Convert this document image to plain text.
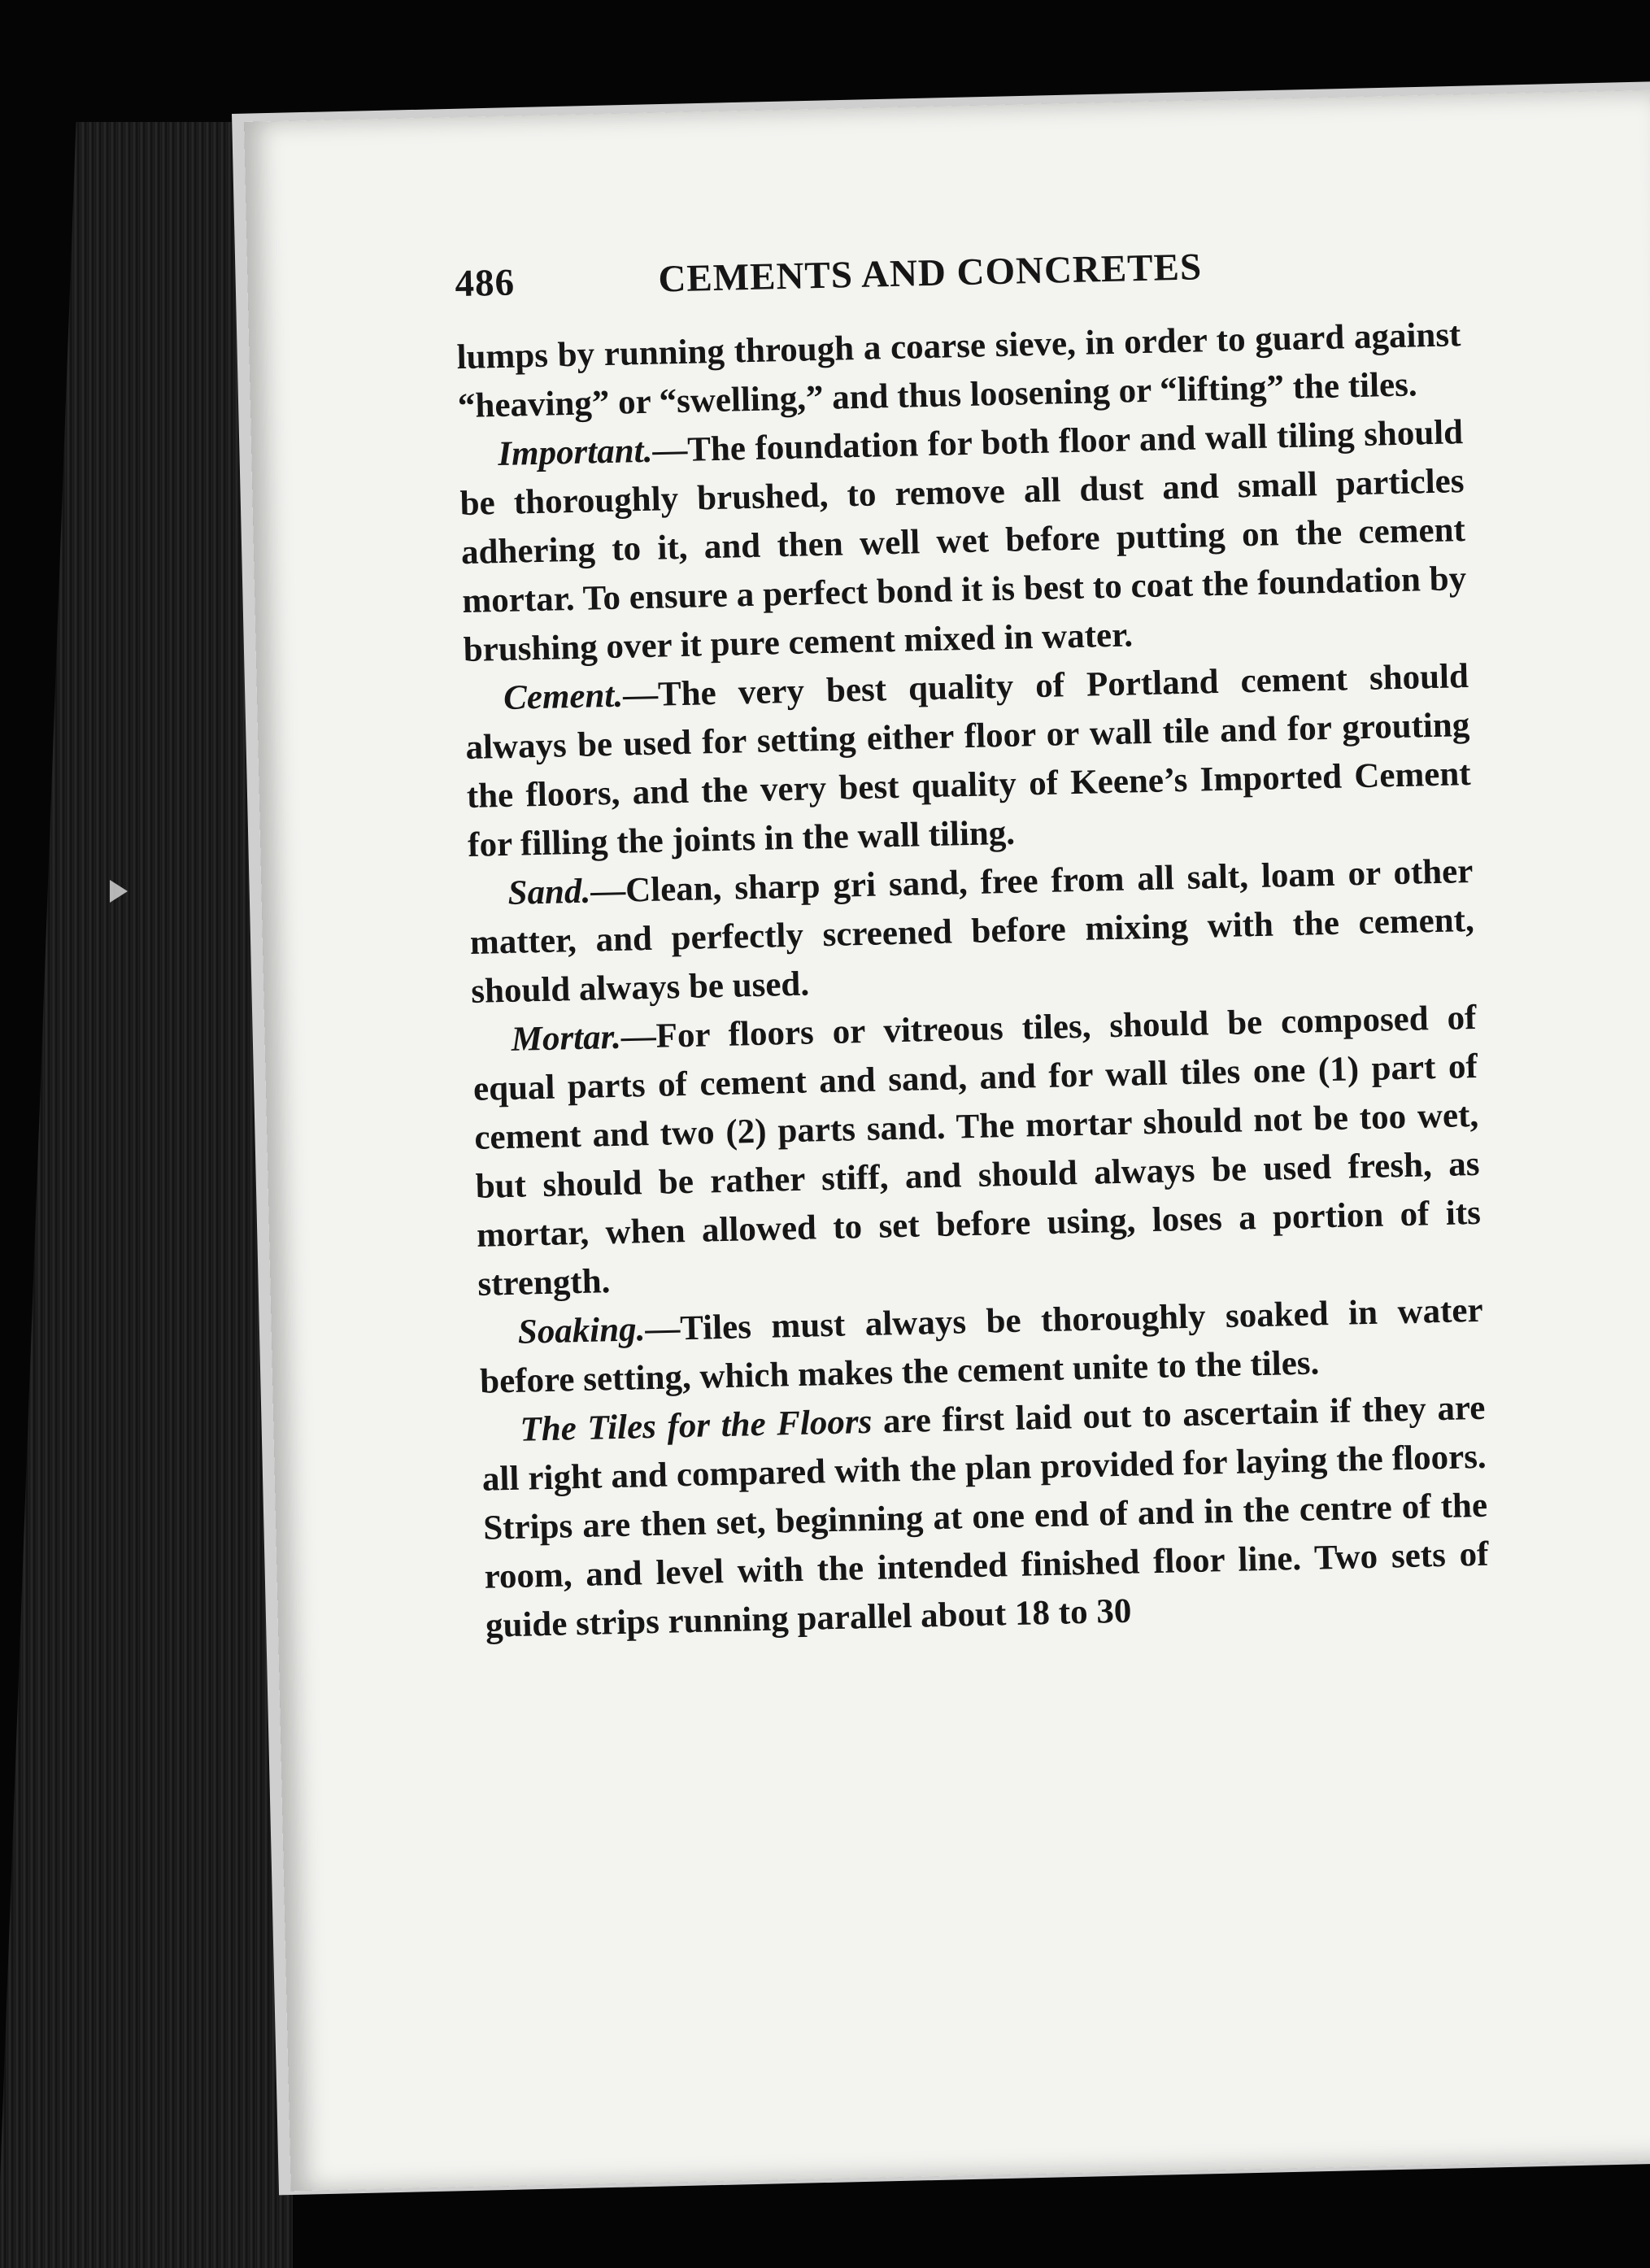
486	CEMENTS AND CONCRETES

lumps by running through a coarse sieve, in order to guard against “heaving” or “swelling,” and thus loosening or “lifting” the tiles.

Important.—The foundation for both floor and wall tiling should be thoroughly brushed, to remove all dust and small particles adhering to it, and then well wet before putting on the cement mortar. To ensure a perfect bond it is best to coat the foundation by brushing over it pure cement mixed in water.

Cement.—The very best quality of Portland cement should always be used for setting either floor or wall tile and for grouting the floors, and the very best quality of Keene’s Imported Cement for filling the joints in the wall tiling.

Sand.—Clean, sharp gri sand, free from all salt, loam or other matter, and perfectly screened before mixing with the cement, should always be used.

Mortar.—For floors or vitreous tiles, should be composed of equal parts of cement and sand, and for wall tiles one (1) part of cement and two (2) parts sand. The mortar should not be too wet, but should be rather stiff, and should always be used fresh, as mortar, when allowed to set before using, loses a portion of its strength.

Soaking.—Tiles must always be thoroughly soaked in water before setting, which makes the cement unite to the tiles.

The Tiles for the Floors are first laid out to ascertain if they are all right and compared with the plan provided for laying the floors. Strips are then set, beginning at one end of and in the centre of the room, and level with the intended finished floor line. Two sets of guide strips running parallel about 18 to 30
